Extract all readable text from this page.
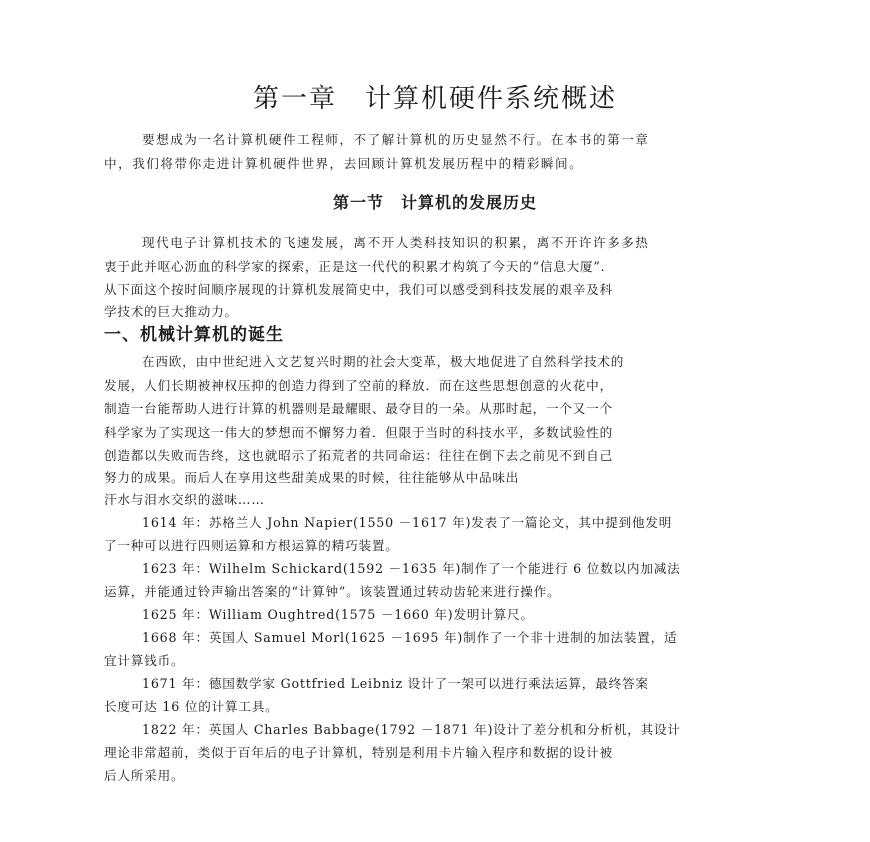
第一章　计算机硬件系统概述
要想成为一名计算机硬件工程师，不了解计算机的历史显然不行。在本书的第一章
中，我们将带你走进计算机硬件世界，去回顾计算机发展历程中的精彩瞬间。
第一节　计算机的发展历史
现代电子计算机技术的飞速发展，离不开人类科技知识的积累，离不开许许多多热
衷于此并呕心沥血的科学家的探索，正是这一代代的积累才构筑了今天的“信息大厦”.
从下面这个按时间顺序展现的计算机发展简史中，我们可以感受到科技发展的艰辛及科
学技术的巨大推动力。
一、机械计算机的诞生
在西欧，由中世纪进入文艺复兴时期的社会大变革，极大地促进了自然科学技术的
发展，人们长期被神权压抑的创造力得到了空前的释放．而在这些思想创意的火花中，
制造一台能帮助人进行计算的机器则是最耀眼、最夺目的一朵。从那时起，一个又一个
科学家为了实现这一伟大的梦想而不懈努力着．但限于当时的科技水平，多数试验性的
创造都以失败而告终，这也就昭示了拓荒者的共同命运：往往在倒下去之前见不到自己
努力的成果。而后人在享用这些甜美成果的时候，往往能够从中品味出
汗水与泪水交织的滋味……
1614 年：苏格兰人 John Napier(1550 －1617 年)发表了一篇论文，其中提到他发明
了一种可以进行四则运算和方根运算的精巧装置。
1623 年：Wilhelm Schickard(1592 －1635 年)制作了一个能进行 6 位数以内加减法
运算，并能通过铃声输出答案的“计算钟”。该装置通过转动齿轮来进行操作。
1625 年：William Oughtred(1575 －1660 年)发明计算尺。
1668 年：英国人 Samuel Morl(1625 －1695 年)制作了一个非十进制的加法装置，适
宜计算钱币。
1671 年：德国数学家 Gottfried Leibniz 设计了一架可以进行乘法运算，最终答案
长度可达 16 位的计算工具。
1822 年：英国人 Charles Babbage(1792 －1871 年)设计了差分机和分析机，其设计
理论非常超前，类似于百年后的电子计算机，特别是利用卡片输入程序和数据的设计被
后人所采用。
